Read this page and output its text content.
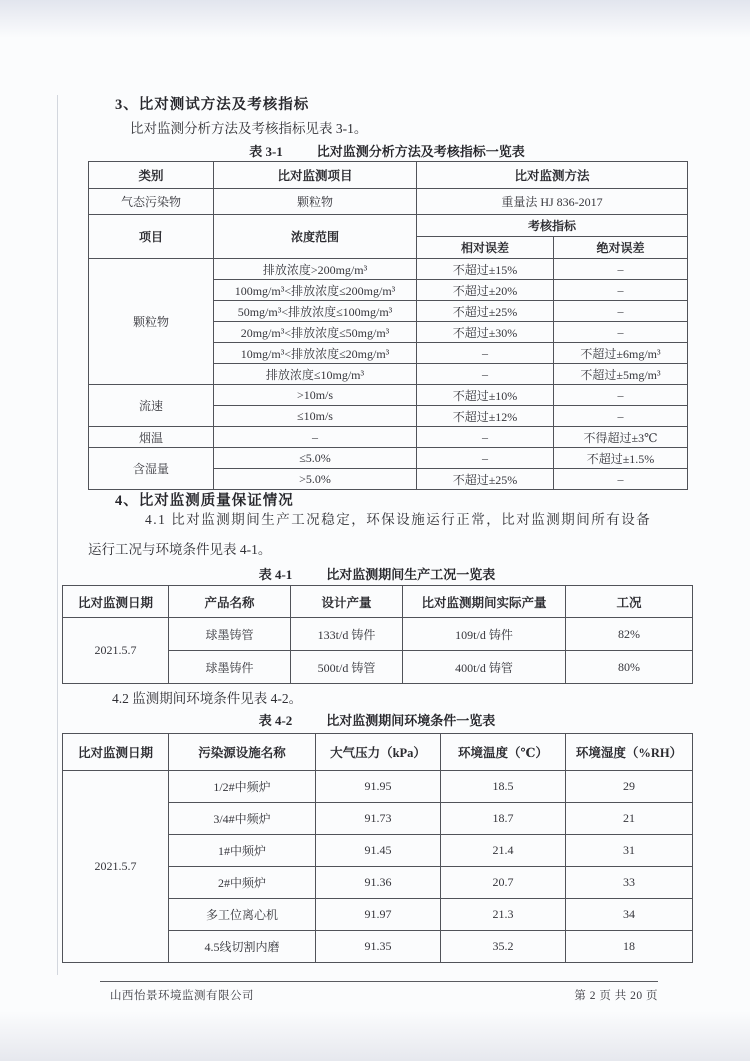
3、比对测试方法及考核指标
比对监测分析方法及考核指标见表 3-1。
表 3-1	比对监测分析方法及考核指标一览表
类别	比对监测项目	比对监测方法	
气态污染物	颗粒物	重量法 HJ 836-2017	
项目	浓度范围	考核指标	
		相对误差	绝对误差
颗粒物	排放浓度>200mg/m³	不超过±15%	–
	100mg/m³<排放浓度≤200mg/m³	不超过±20%	–
	50mg/m³<排放浓度≤100mg/m³	不超过±25%	–
	20mg/m³<排放浓度≤50mg/m³	不超过±30%	–
	10mg/m³<排放浓度≤20mg/m³	–	不超过±6mg/m³
	排放浓度≤10mg/m³	–	不超过±5mg/m³
流速	>10m/s	不超过±10%	–
	≤10m/s	不超过±12%	–
烟温	–	–	不得超过±3℃
含湿量	≤5.0%	–	不超过±1.5%
	>5.0%	不超过±25%	–
4、比对监测质量保证情况
4.1 比对监测期间生产工况稳定，环保设施运行正常，比对监测期间所有设备
运行工况与环境条件见表 4-1。
表 4-1	比对监测期间生产工况一览表
比对监测日期	产品名称	设计产量	比对监测期间实际产量	工况
2021.5.7	球墨铸管	133t/d 铸件	109t/d 铸件	82%
	球墨铸件	500t/d 铸管	400t/d 铸管	80%
4.2 监测期间环境条件见表 4-2。
表 4-2	比对监测期间环境条件一览表
比对监测日期	污染源设施名称	大气压力（kPa）	环境温度（℃）	环境湿度（%RH）
2021.5.7	1/2#中频炉	91.95	18.5	29
	3/4#中频炉	91.73	18.7	21
	1#中频炉	91.45	21.4	31
	2#中频炉	91.36	20.7	33
	多工位离心机	91.97	21.3	34
	4.5线切割内磨	91.35	35.2	18
山西怡景环境监测有限公司	第 2 页 共 20 页
